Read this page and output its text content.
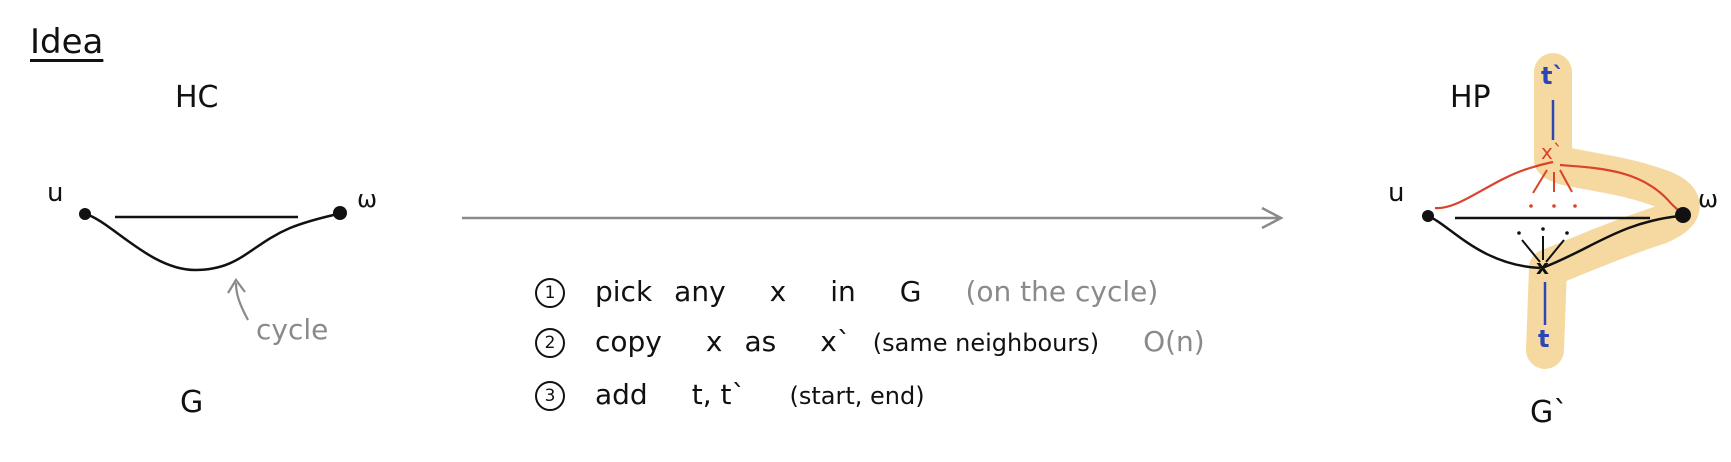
Idea
HC
u	ω
cycle
G
HP
u	ω
t`
x`
x
t
G`
1 pick any x in G (on the cycle)
2 copy x as x` (same neighbours) O(n)
3 add t, t` (start, end)
